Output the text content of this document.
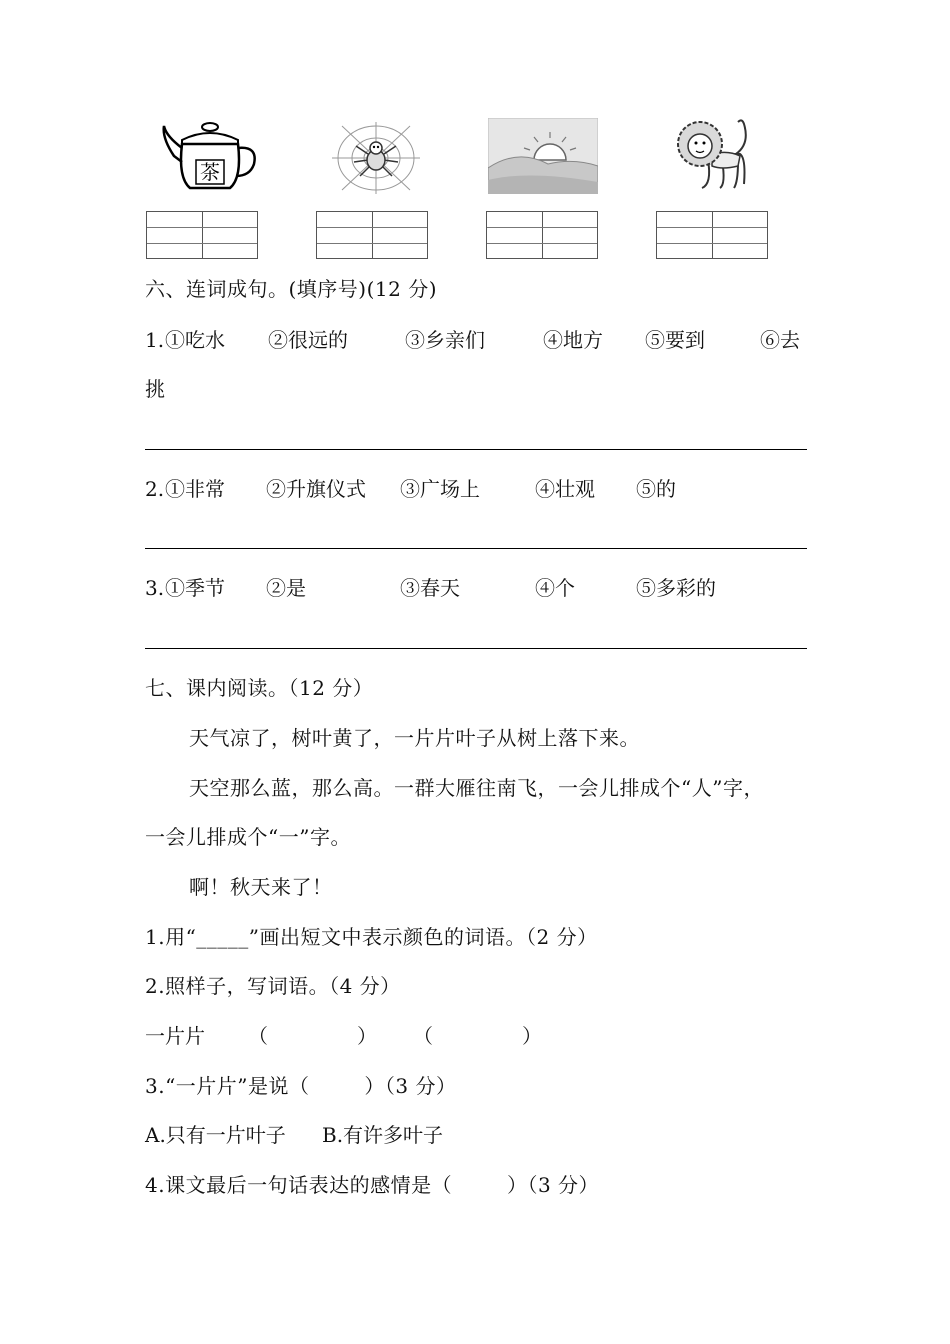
茶
六、连词成句。(填序号)(12 分)
1. ①吃水 ②很远的	③乡亲们	④地方 ⑤要到	⑥去
挑
2. ①非常 ②升旗仪式 ③广场上	④壮观 ⑤的
3. ①季节 ②是	③春天	④个	⑤多彩的
七、课内阅读。（12 分）
天气凉了，树叶黄了，一片片叶子从树上落下来。
天空那么蓝，那么高。一群大雁往南飞，一会儿排成个“人”字，
一会儿排成个“一”字。
啊！秋天来了！
1.用“_____”画出短文中表示颜色的词语。（2 分）
2.照样子，写词语。（4 分）
一片片 （              ） （              ）
3.“一片片”是说（        ）（3 分）
A.只有一片叶子 B.有许多叶子
4.课文最后一句话表达的感情是（        ）（3 分）
